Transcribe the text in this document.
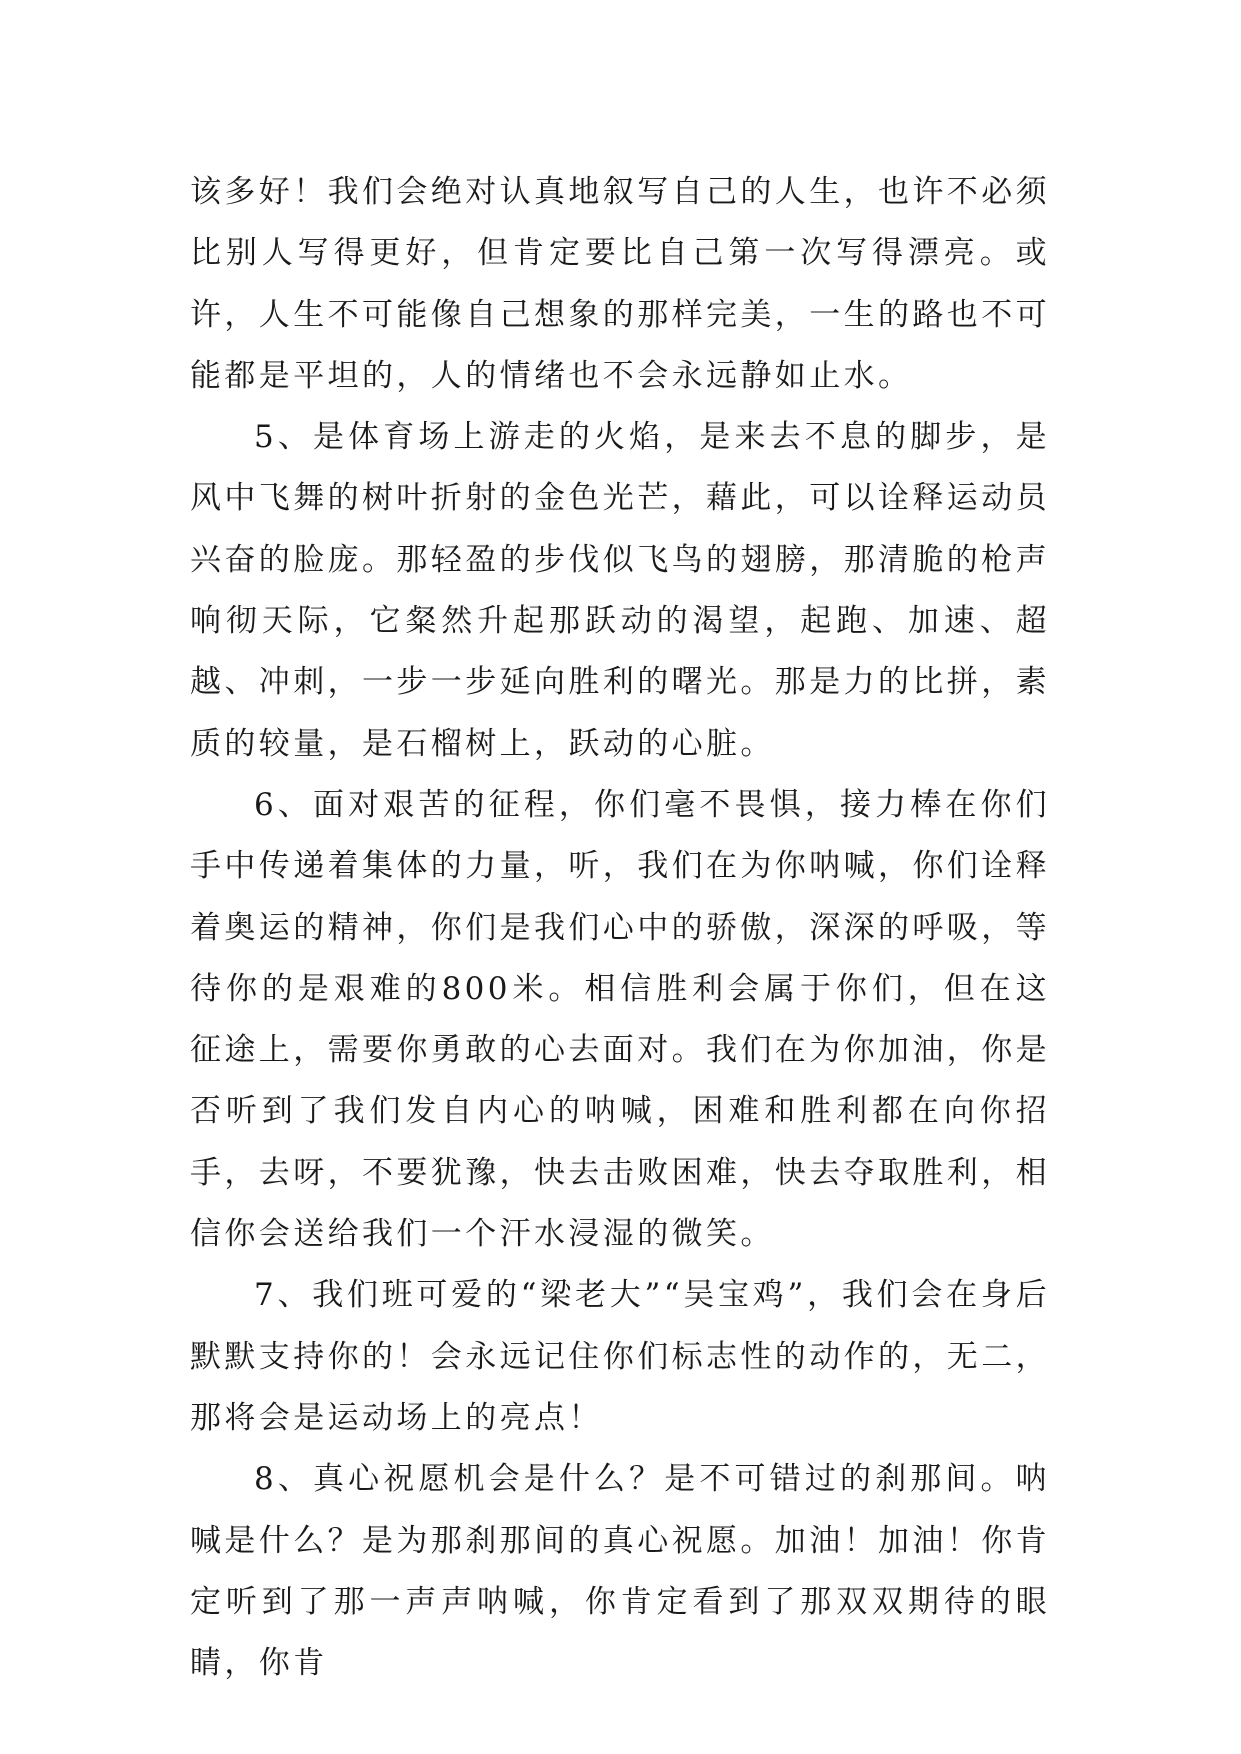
该多好！我们会绝对认真地叙写自己的人生，也许不必须比别人写得更好，但肯定要比自己第一次写得漂亮。或许，人生不可能像自己想象的那样完美，一生的路也不可能都是平坦的，人的情绪也不会永远静如止水。

5、是体育场上游走的火焰，是来去不息的脚步，是风中飞舞的树叶折射的金色光芒，藉此，可以诠释运动员兴奋的脸庞。那轻盈的步伐似飞鸟的翅膀，那清脆的枪声响彻天际，它粲然升起那跃动的渴望，起跑、加速、超越、冲刺，一步一步延向胜利的曙光。那是力的比拼，素质的较量，是石榴树上，跃动的心脏。

6、面对艰苦的征程，你们毫不畏惧，接力棒在你们手中传递着集体的力量，听，我们在为你呐喊，你们诠释着奥运的精神，你们是我们心中的骄傲，深深的呼吸，等待你的是艰难的800米。相信胜利会属于你们，但在这征途上，需要你勇敢的心去面对。我们在为你加油，你是否听到了我们发自内心的呐喊，困难和胜利都在向你招手，去呀，不要犹豫，快去击败困难，快去夺取胜利，相信你会送给我们一个汗水浸湿的微笑。

7、我们班可爱的“梁老大”“吴宝鸡”，我们会在身后默默支持你的！会永远记住你们标志性的动作的，无二，那将会是运动场上的亮点！

8、真心祝愿机会是什么？是不可错过的刹那间。呐喊是什么？是为那刹那间的真心祝愿。加油！加油！你肯定听到了那一声声呐喊，你肯定看到了那双双期待的眼睛，你肯
